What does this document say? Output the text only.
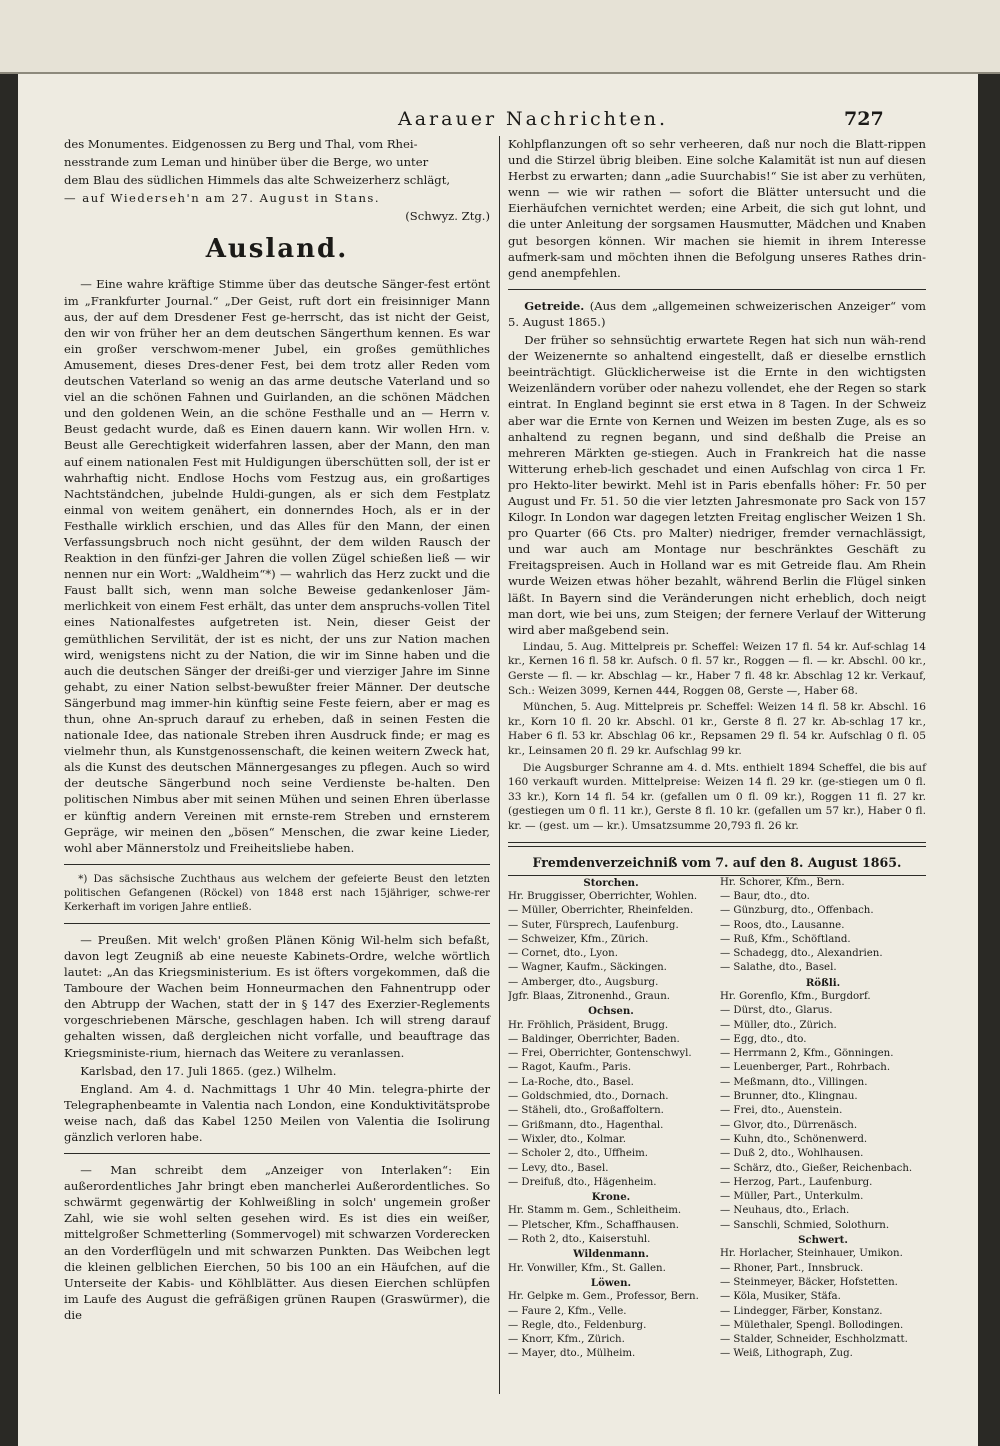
Aarauer Nachrichten.	727

des Monumentes. Eidgenossen zu Berg und Thal, vom Rhei-

nesstrande zum Leman und hinüber über die Berge, wo unter

dem Blau des südlichen Himmels das alte Schweizerherz schlägt,

— auf Wiederseh'n am 27. August in Stans.

(Schwyz. Ztg.)

Ausland.

— Eine wahre kräftige Stimme über das deutsche Sänger-fest ertönt im „Frankfurter Journal.“ „Der Geist, ruft dort ein freisinniger Mann aus, der auf dem Dresdener Fest ge-herrscht, das ist nicht der Geist, den wir von früher her an dem deutschen Sängerthum kennen. Es war ein großer verschwom-mener Jubel, ein großes gemüthliches Amusement, dieses Dres-dener Fest, bei dem trotz aller Reden vom deutschen Vaterland so wenig an das arme deutsche Vaterland und so viel an die schönen Fahnen und Guirlanden, an die schönen Mädchen und den goldenen Wein, an die schöne Festhalle und an — Herrn v. Beust gedacht wurde, daß es Einen dauern kann. Wir wollen Hrn. v. Beust alle Gerechtigkeit widerfahren lassen, aber der Mann, den man auf einem nationalen Fest mit Huldigungen überschütten soll, der ist er wahrhaftig nicht. Endlose Hochs vom Festzug aus, ein großartiges Nachtständchen, jubelnde Huldi-gungen, als er sich dem Festplatz einmal von weitem genähert, ein donnerndes Hoch, als er in der Festhalle wirklich erschien, und das Alles für den Mann, der einen Verfassungsbruch noch nicht gesühnt, der dem wilden Rausch der Reaktion in den fünfzi-ger Jahren die vollen Zügel schießen ließ — wir nennen nur ein Wort: „Waldheim“*) — wahrlich das Herz zuckt und die Faust ballt sich, wenn man solche Beweise gedankenloser Jäm-merlichkeit von einem Fest erhält, das unter dem anspruchs-vollen Titel eines Nationalfestes aufgetreten ist. Nein, dieser Geist der gemüthlichen Servilität, der ist es nicht, der uns zur Nation machen wird, wenigstens nicht zu der Nation, die wir im Sinne haben und die auch die deutschen Sänger der dreißi-ger und vierziger Jahre im Sinne gehabt, zu einer Nation selbst-bewußter freier Männer. Der deutsche Sängerbund mag immer-hin künftig seine Feste feiern, aber er mag es thun, ohne An-spruch darauf zu erheben, daß in seinen Festen die nationale Idee, das nationale Streben ihren Ausdruck finde; er mag es vielmehr thun, als Kunstgenossenschaft, die keinen weitern Zweck hat, als die Kunst des deutschen Männergesanges zu pflegen. Auch so wird der deutsche Sängerbund noch seine Verdienste be-halten. Den politischen Nimbus aber mit seinen Mühen und seinen Ehren überlasse er künftig andern Vereinen mit ernste-rem Streben und ernsterem Gepräge, wir meinen den „bösen“ Menschen, die zwar keine Lieder, wohl aber Männerstolz und Freiheitsliebe haben.

*) Das sächsische Zuchthaus aus welchem der gefeierte Beust den letzten politischen Gefangenen (Röckel) von 1848 erst nach 15jähriger, schwe-rer Kerkerhaft im vorigen Jahre entließ.

— Preußen. Mit welch' großen Plänen König Wil-helm sich befaßt, davon legt Zeugniß ab eine neueste Kabinets-Ordre, welche wörtlich lautet: „An das Kriegsministerium. Es ist öfters vorgekommen, daß die Tamboure der Wachen beim Honneurmachen den Fahnentrupp oder den Abtrupp der Wachen, statt der in § 147 des Exerzier-Reglements vorgeschriebenen Märsche, geschlagen haben. Ich will streng darauf gehalten wissen, daß dergleichen nicht vorfalle, und beauftrage das Kriegsministe-rium, hiernach das Weitere zu veranlassen.

Karlsbad, den 17. Juli 1865. (gez.) Wilhelm.

England. Am 4. d. Nachmittags 1 Uhr 40 Min. telegra-phirte der Telegraphenbeamte in Valentia nach London, eine Konduktivitätsprobe weise nach, daß das Kabel 1250 Meilen von Valentia die Isolirung gänzlich verloren habe.

— Man schreibt dem „Anzeiger von Interlaken“: Ein außerordentliches Jahr bringt eben mancherlei Außerordentliches. So schwärmt gegenwärtig der Kohlweißling in solch' ungemein großer Zahl, wie sie wohl selten gesehen wird. Es ist dies ein weißer, mittelgroßer Schmetterling (Sommervogel) mit schwarzen Vorderecken an den Vorderflügeln und mit schwarzen Punkten. Das Weibchen legt die kleinen gelblichen Eierchen, 50 bis 100 an ein Häufchen, auf die Unterseite der Kabis- und Köhlblätter. Aus diesen Eierchen schlüpfen im Laufe des August die gefräßigen grünen Raupen (Graswürmer), die die

Kohlpflanzungen oft so sehr verheeren, daß nur noch die Blatt-rippen und die Stirzel übrig bleiben. Eine solche Kalamität ist nun auf diesen Herbst zu erwarten; dann „adie Suurchabis!“ Sie ist aber zu verhüten, wenn — wie wir rathen — sofort die Blätter untersucht und die Eierhäufchen vernichtet werden; eine Arbeit, die sich gut lohnt, und die unter Anleitung der sorgsamen Hausmutter, Mädchen und Knaben gut besorgen können. Wir machen sie hiemit in ihrem Interesse aufmerk-sam und möchten ihnen die Befolgung unseres Rathes drin-gend anempfehlen.

Getreide. (Aus dem „allgemeinen schweizerischen Anzeiger“ vom 5. August 1865.)

Der früher so sehnsüchtig erwartete Regen hat sich nun wäh-rend der Weizenernte so anhaltend eingestellt, daß er dieselbe ernstlich beeinträchtigt. Glücklicherweise ist die Ernte in den wichtigsten Weizenländern vorüber oder nahezu vollendet, ehe der Regen so stark eintrat. In England beginnt sie erst etwa in 8 Tagen. In der Schweiz aber war die Ernte von Kernen und Weizen im besten Zuge, als es so anhaltend zu regnen begann, und sind deßhalb die Preise an mehreren Märkten ge-stiegen. Auch in Frankreich hat die nasse Witterung erheb-lich geschadet und einen Aufschlag von circa 1 Fr. pro Hekto-liter bewirkt. Mehl ist in Paris ebenfalls höher: Fr. 50 per August und Fr. 51. 50 die vier letzten Jahresmonate pro Sack von 157 Kilogr. In London war dagegen letzten Freitag englischer Weizen 1 Sh. pro Quarter (66 Cts. pro Malter) niedriger, fremder vernachlässigt, und war auch am Montage nur beschränktes Geschäft zu Freitagspreisen. Auch in Holland war es mit Getreide flau. Am Rhein wurde Weizen etwas höher bezahlt, während Berlin die Flügel sinken läßt. In Bayern sind die Veränderungen nicht erheblich, doch neigt man dort, wie bei uns, zum Steigen; der fernere Verlauf der Witterung wird aber maßgebend sein.

Lindau, 5. Aug. Mittelpreis pr. Scheffel: Weizen 17 fl. 54 kr. Auf-schlag 14 kr., Kernen 16 fl. 58 kr. Aufsch. 0 fl. 57 kr., Roggen — fl. — kr. Abschl. 00 kr., Gerste — fl. — kr. Abschlag — kr., Haber 7 fl. 48 kr. Abschlag 12 kr. Verkauf, Sch.: Weizen 3099, Kernen 444, Roggen 08, Gerste —, Haber 68.

München, 5. Aug. Mittelpreis pr. Scheffel: Weizen 14 fl. 58 kr. Abschl. 16 kr., Korn 10 fl. 20 kr. Abschl. 01 kr., Gerste 8 fl. 27 kr. Ab-schlag 17 kr., Haber 6 fl. 53 kr. Abschlag 06 kr., Repsamen 29 fl. 54 kr. Aufschlag 0 fl. 05 kr., Leinsamen 20 fl. 29 kr. Aufschlag 99 kr.

Die Augsburger Schranne am 4. d. Mts. enthielt 1894 Scheffel, die bis auf 160 verkauft wurden. Mittelpreise: Weizen 14 fl. 29 kr. (ge-stiegen um 0 fl. 33 kr.), Korn 14 fl. 54 kr. (gefallen um 0 fl. 09 kr.), Roggen 11 fl. 27 kr. (gestiegen um 0 fl. 11 kr.), Gerste 8 fl. 10 kr. (gefallen um 57 kr.), Haber 0 fl. kr. — (gest. um — kr.). Umsatzsumme 20,793 fl. 26 kr.

Fremdenverzeichniß vom 7. auf den 8. August 1865.
Storchen.
Hr. Bruggisser, Oberrichter, Wohlen.
— Müller, Oberrichter, Rheinfelden.
— Suter, Fürsprech, Laufenburg.
— Schweizer, Kfm., Zürich.
— Cornet, dto., Lyon.
— Wagner, Kaufm., Säckingen.
— Amberger, dto., Augsburg.
Jgfr. Blaas, Zitronenhd., Graun.
Ochsen.
Hr. Fröhlich, Präsident, Brugg.
— Baldinger, Oberrichter, Baden.
— Frei, Oberrichter, Gontenschwyl.
— Ragot, Kaufm., Paris.
— La-Roche, dto., Basel.
— Goldschmied, dto., Dornach.
— Stäheli, dto., Großaffoltern.
— Grißmann, dto., Hagenthal.
— Wixler, dto., Kolmar.
— Scholer 2, dto., Uffheim.
— Levy, dto., Basel.
— Dreifuß, dto., Hägenheim.
Krone.
Hr. Stamm m. Gem., Schleitheim.
— Pletscher, Kfm., Schaffhausen.
— Roth 2, dto., Kaiserstuhl.
Wildenmann.
Hr. Vonwiller, Kfm., St. Gallen.
Löwen.
Hr. Gelpke m. Gem., Professor, Bern.
— Faure 2, Kfm., Velle.
— Regle, dto., Feldenburg.
— Knorr, Kfm., Zürich.
— Mayer, dto., Mülheim.
Hr. Schorer, Kfm., Bern.
— Baur, dto., dto.
— Günzburg, dto., Offenbach.
— Roos, dto., Lausanne.
— Ruß, Kfm., Schöftland.
— Schadegg, dto., Alexandrien.
— Salathe, dto., Basel.
Rößli.
Hr. Gorenflo, Kfm., Burgdorf.
— Dürst, dto., Glarus.
— Müller, dto., Zürich.
— Egg, dto., dto.
— Herrmann 2, Kfm., Gönningen.
— Leuenberger, Part., Rohrbach.
— Meßmann, dto., Villingen.
— Brunner, dto., Klingnau.
— Frei, dto., Auenstein.
— Glvor, dto., Dürrenäsch.
— Kuhn, dto., Schönenwerd.
— Duß 2, dto., Wohlhausen.
— Schärz, dto., Gießer, Reichenbach.
— Herzog, Part., Laufenburg.
— Müller, Part., Unterkulm.
— Neuhaus, dto., Erlach.
— Sanschli, Schmied, Solothurn.
Schwert.
Hr. Horlacher, Steinhauer, Umikon.
— Rhoner, Part., Innsbruck.
— Steinmeyer, Bäcker, Hofstetten.
— Köla, Musiker, Stäfa.
— Lindegger, Färber, Konstanz.
— Mülethaler, Spengl. Bollodingen.
— Stalder, Schneider, Eschholzmatt.
— Weiß, Lithograph, Zug.
